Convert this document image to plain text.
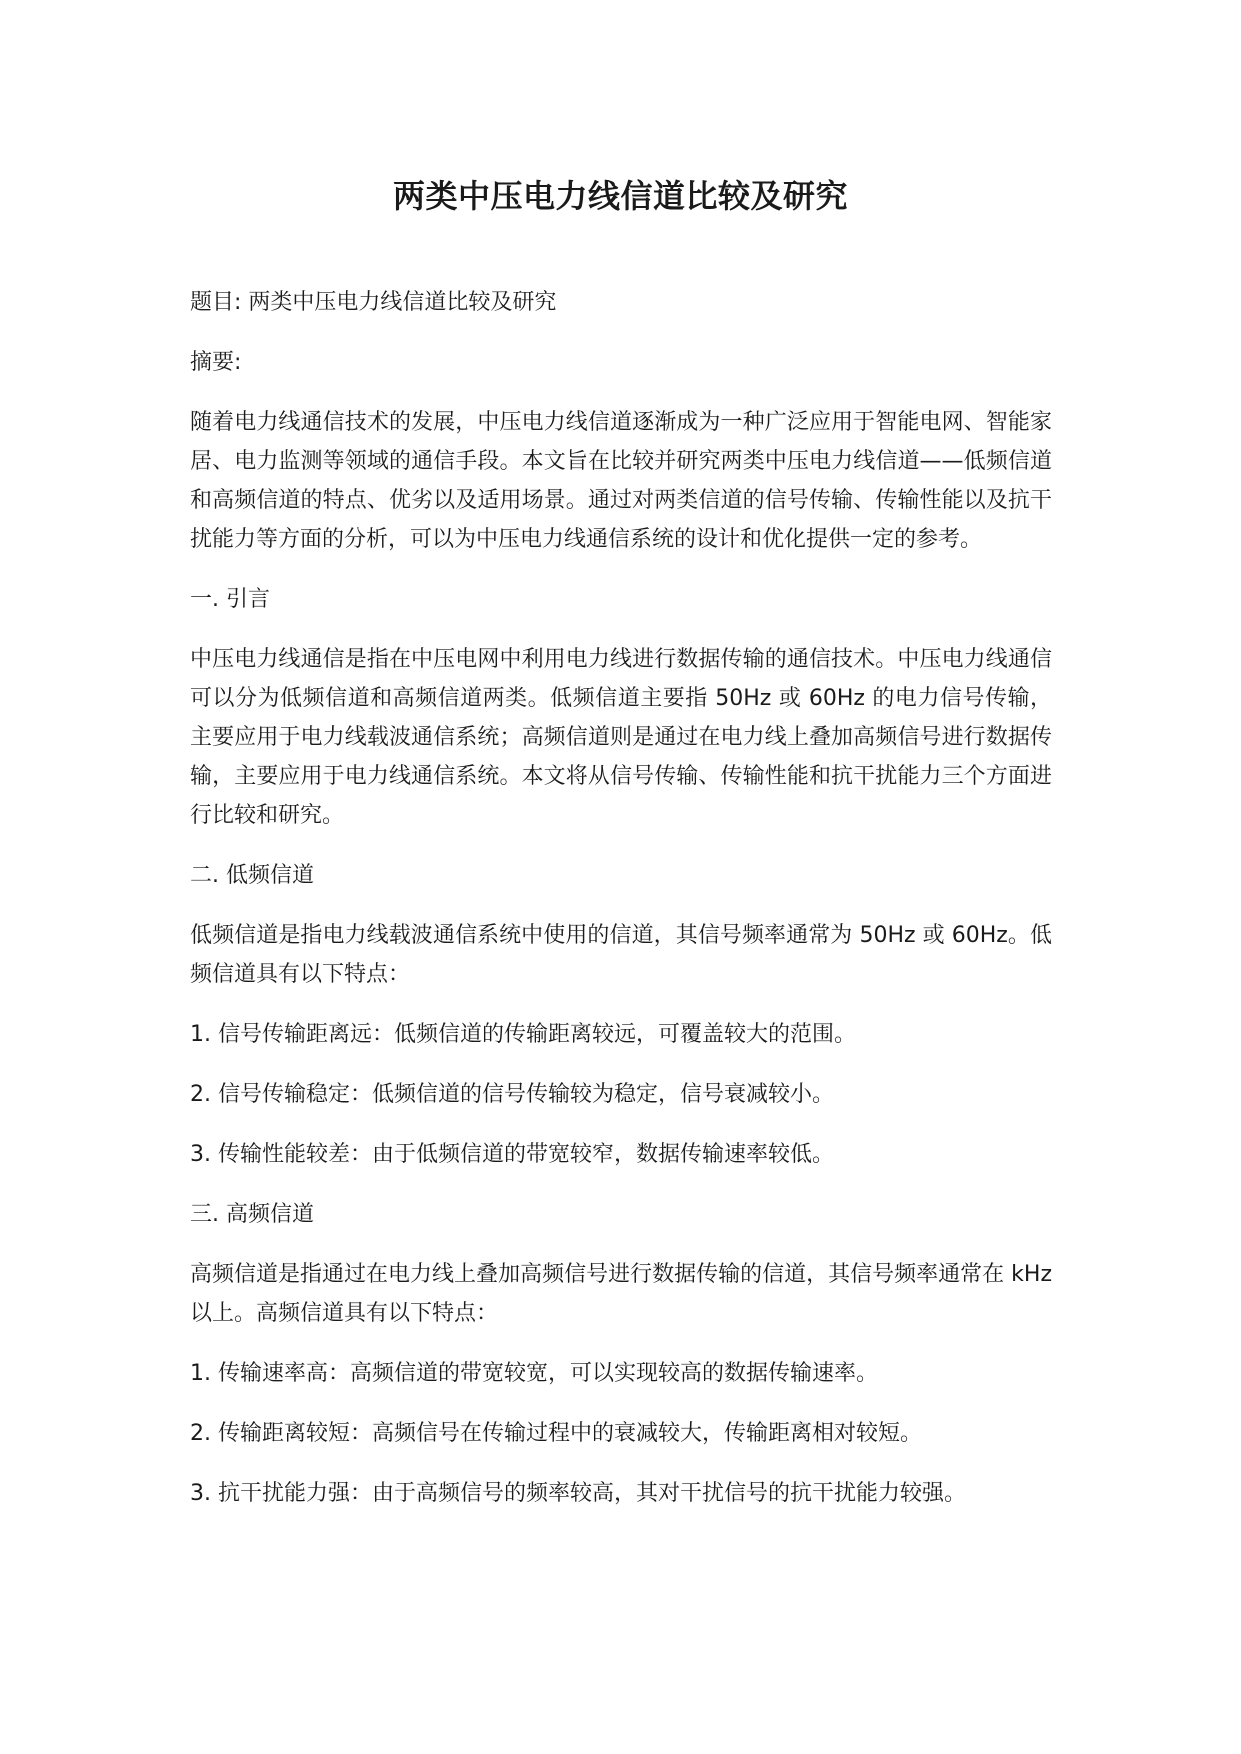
两类中压电力线信道比较及研究

题目: 两类中压电力线信道比较及研究

摘要:

随着电力线通信技术的发展，中压电力线信道逐渐成为一种广泛应用于智能电网、智能家居、电力监测等领域的通信手段。本文旨在比较并研究两类中压电力线信道——低频信道和高频信道的特点、优劣以及适用场景。通过对两类信道的信号传输、传输性能以及抗干扰能力等方面的分析，可以为中压电力线通信系统的设计和优化提供一定的参考。

一. 引言

中压电力线通信是指在中压电网中利用电力线进行数据传输的通信技术。中压电力线通信可以分为低频信道和高频信道两类。低频信道主要指 50Hz 或 60Hz 的电力信号传输，主要应用于电力线载波通信系统；高频信道则是通过在电力线上叠加高频信号进行数据传输，主要应用于电力线通信系统。本文将从信号传输、传输性能和抗干扰能力三个方面进行比较和研究。

二. 低频信道

低频信道是指电力线载波通信系统中使用的信道，其信号频率通常为 50Hz 或 60Hz。低频信道具有以下特点：

1. 信号传输距离远：低频信道的传输距离较远，可覆盖较大的范围。

2. 信号传输稳定：低频信道的信号传输较为稳定，信号衰减较小。

3. 传输性能较差：由于低频信道的带宽较窄，数据传输速率较低。

三. 高频信道

高频信道是指通过在电力线上叠加高频信号进行数据传输的信道，其信号频率通常在 kHz 以上。高频信道具有以下特点：

1. 传输速率高：高频信道的带宽较宽，可以实现较高的数据传输速率。

2. 传输距离较短：高频信号在传输过程中的衰减较大，传输距离相对较短。

3. 抗干扰能力强：由于高频信号的频率较高，其对干扰信号的抗干扰能力较强。
